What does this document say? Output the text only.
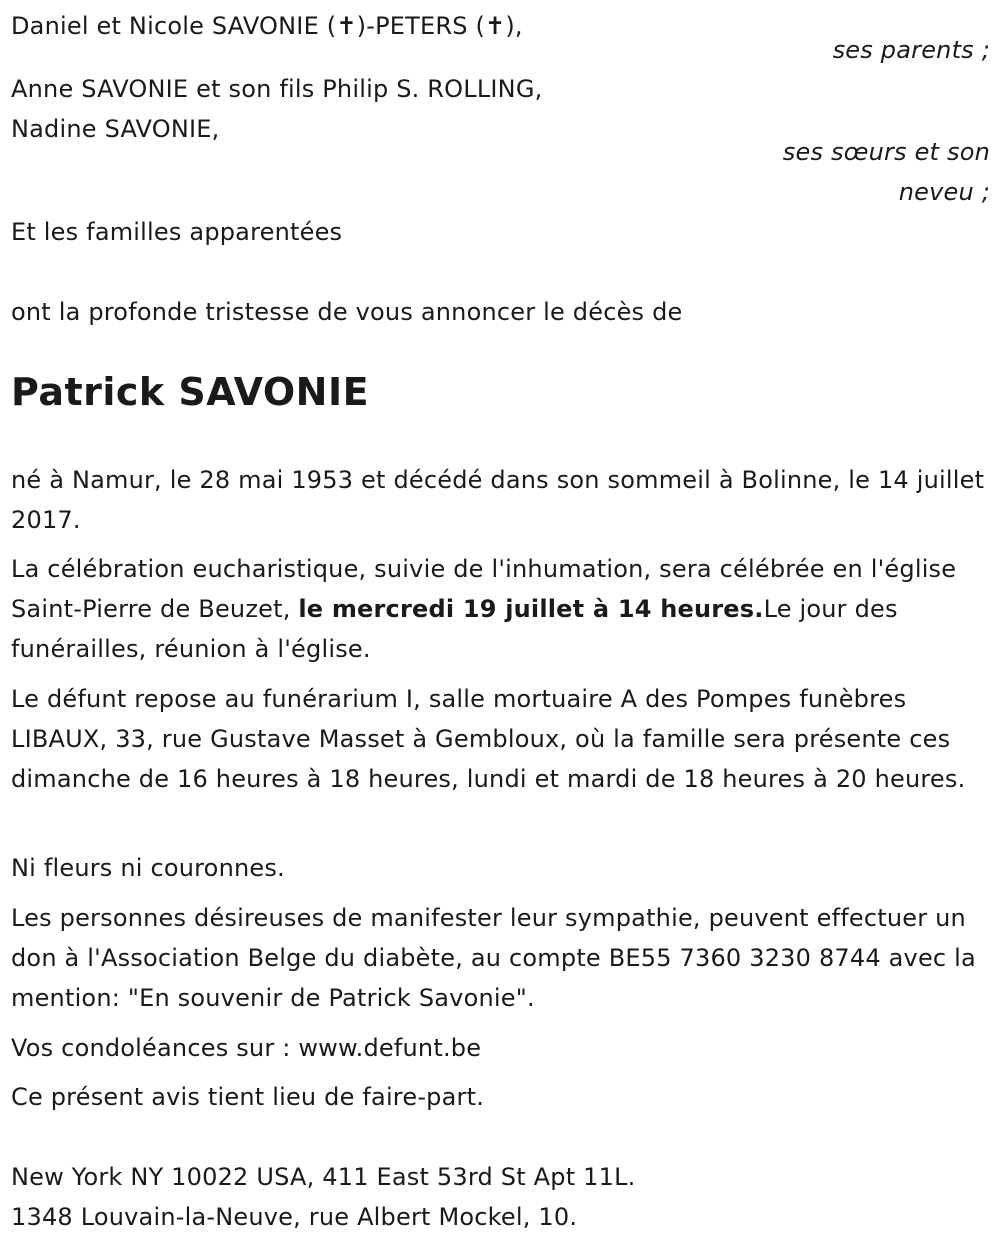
Daniel et Nicole SAVONIE (✝)-PETERS (✝),

ses parents ;

Anne SAVONIE et son fils Philip S. ROLLING,

Nadine SAVONIE,

ses sœurs et son

neveu ;

Et les familles apparentées

ont la profonde tristesse de vous annoncer le décès de

Patrick SAVONIE

né à Namur, le 28 mai 1953 et décédé dans son sommeil à Bolinne, le 14 juillet 2017.

La célébration eucharistique, suivie de l'inhumation, sera célébrée en l'église Saint-Pierre de Beuzet, le mercredi 19 juillet à 14 heures.Le jour des funérailles, réunion à l'église.

Le défunt repose au funérarium I, salle mortuaire A des Pompes funèbres LIBAUX, 33, rue Gustave Masset à Gembloux, où la famille sera présente ces dimanche de 16 heures à 18 heures, lundi et mardi de 18 heures à 20 heures.

Ni fleurs ni couronnes.

Les personnes désireuses de manifester leur sympathie, peuvent effectuer un don à l'Association Belge du diabète, au compte BE55 7360 3230 8744 avec la mention: "En souvenir de Patrick Savonie".

Vos condoléances sur : www.defunt.be

Ce présent avis tient lieu de faire-part.

New York NY 10022 USA, 411 East 53rd St Apt 11L.

1348 Louvain-la-Neuve, rue Albert Mockel, 10.
